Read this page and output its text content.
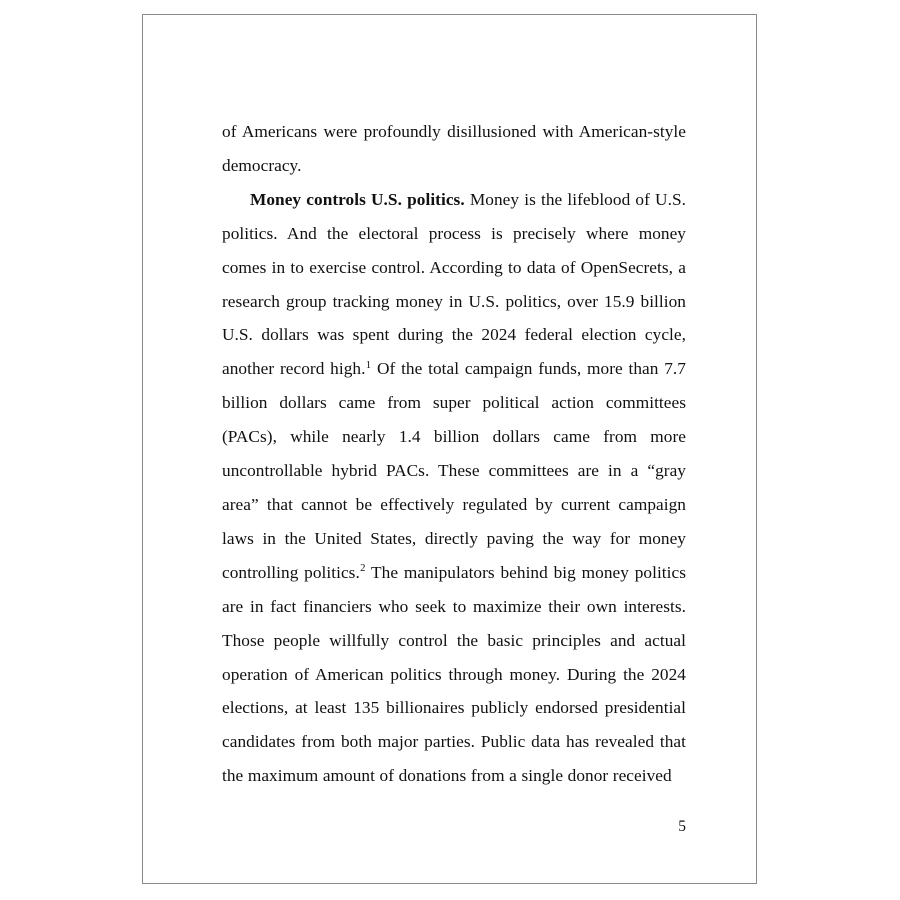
of Americans were profoundly disillusioned with American-style democracy.

Money controls U.S. politics. Money is the lifeblood of U.S. politics. And the electoral process is precisely where money comes in to exercise control. According to data of OpenSecrets, a research group tracking money in U.S. politics, over 15.9 billion U.S. dollars was spent during the 2024 federal election cycle, another record high.$^1$ Of the total campaign funds, more than 7.7 billion dollars came from super political action committees (PACs), while nearly 1.4 billion dollars came from more uncontrollable hybrid PACs. These committees are in a “gray area” that cannot be effectively regulated by current campaign laws in the United States, directly paving the way for money controlling politics.$^2$ The manipulators behind big money politics are in fact financiers who seek to maximize their own interests. Those people willfully control the basic principles and actual operation of American politics through money. During the 2024 elections, at least 135 billionaires publicly endorsed presidential candidates from both major parties. Public data has revealed that the maximum amount of donations from a single donor received

5
